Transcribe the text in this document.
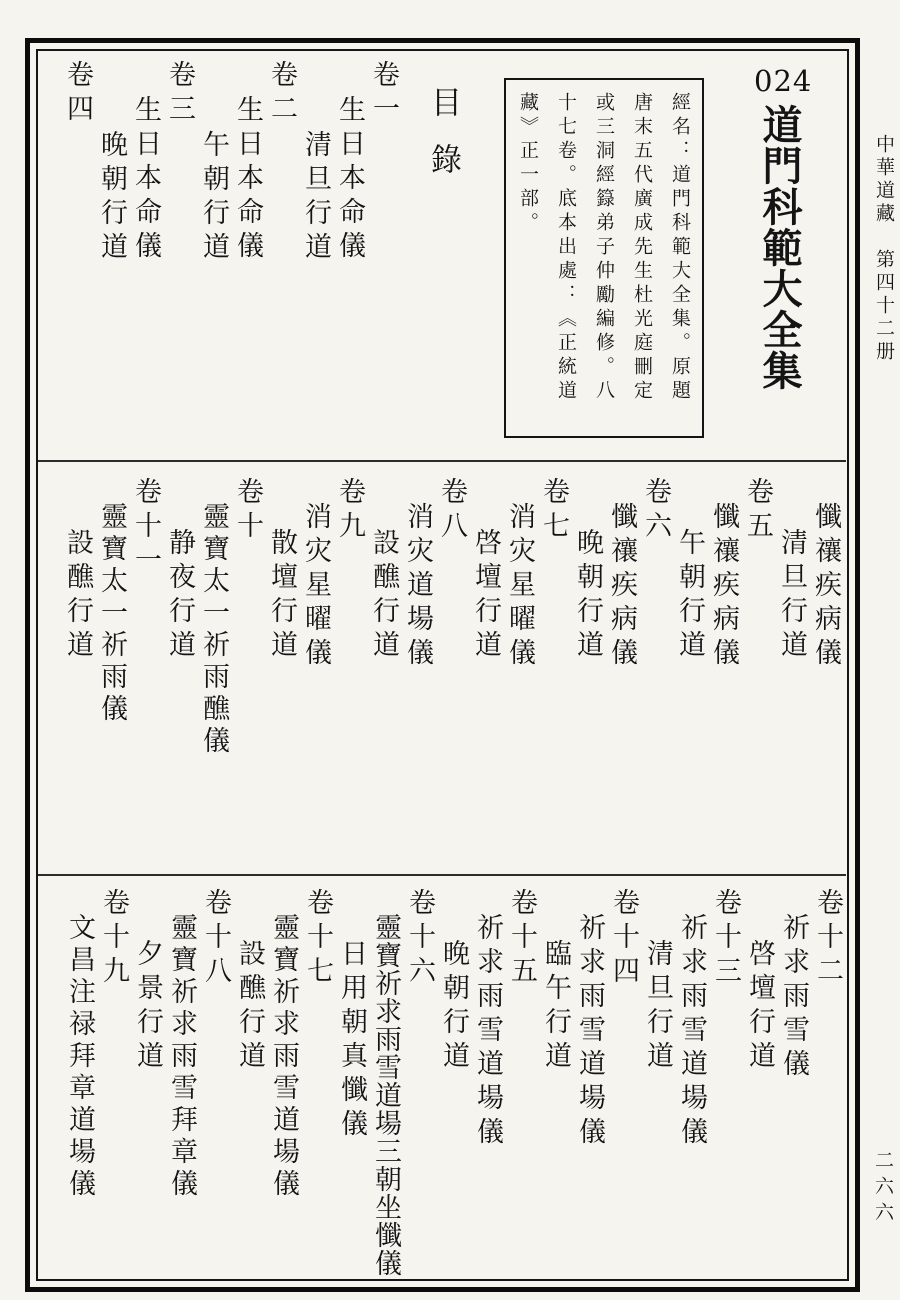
中華道藏　第四十二册
二六六
024
道門科範大全集
經名：道門科範大全集。原題
唐末五代廣成先生杜光庭刪定
或三洞經籙弟子仲勵編修。八
十七卷。底本出處：《正統道
藏》正一部。
目錄
卷一
生日本命儀
清旦行道
卷二
生日本命儀
午朝行道
卷三
生日本命儀
晚朝行道
卷四
懺禳疾病儀
清旦行道
卷五
懺禳疾病儀
午朝行道
卷六
懺禳疾病儀
晚朝行道
卷七
消灾星曜儀
啓壇行道
卷八
消灾道場儀
設醮行道
卷九
消灾星曜儀
散壇行道
卷十
靈寶太一祈雨醮儀
静夜行道
卷十一
靈寶太一祈雨儀
設醮行道
卷十二
祈求雨雪儀
啓壇行道
卷十三
祈求雨雪道場儀
清旦行道
卷十四
祈求雨雪道場儀
臨午行道
卷十五
祈求雨雪道場儀
晚朝行道
卷十六
靈寶祈求雨雪道場三朝坐懺儀
日用朝真懺儀
卷十七
靈寶祈求雨雪道場儀
設醮行道
卷十八
靈寶祈求雨雪拜章儀
夕景行道
卷十九
文昌注禄拜章道場儀
